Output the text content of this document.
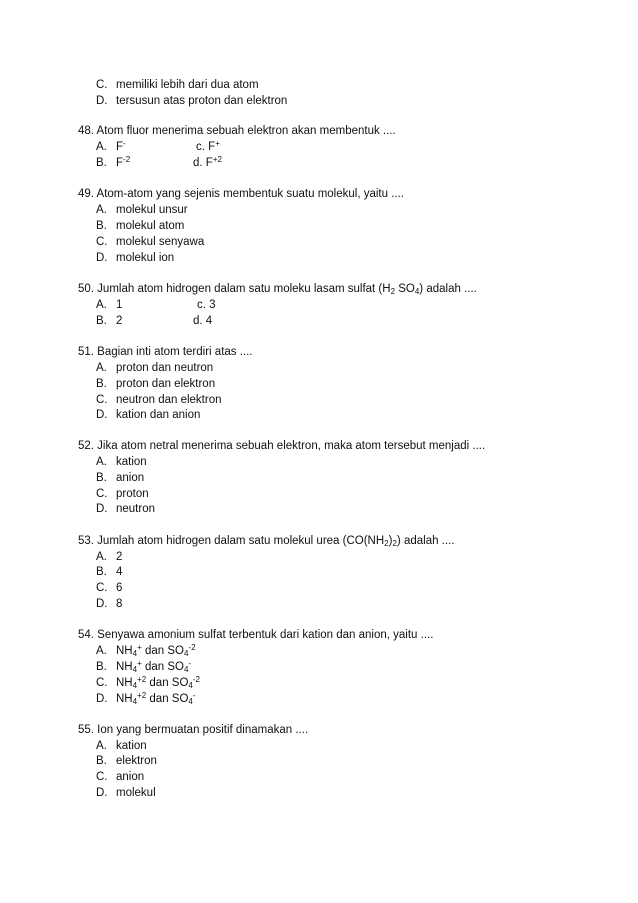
C. memiliki lebih dari dua atom
D. tersusun atas proton dan elektron
48. Atom fluor menerima sebuah elektron akan membentuk ....
A. F-	c. F+
B. $F^{-2}$	d. $F^{+2}$
49. Atom-atom yang sejenis membentuk suatu molekul, yaitu ....
A. molekul unsur
B. molekul atom
C. molekul senyawa
D. molekul ion
50. Jumlah atom hidrogen dalam satu moleku lasam sulfat ($H_2$ $SO_4$) adalah ....
A. 1	c. 3
B. 2	d. 4
51. Bagian inti atom terdiri atas ....
A. proton dan neutron
B. proton dan elektron
C. neutron dan elektron
D. kation dan anion
52. Jika atom netral menerima sebuah elektron, maka atom tersebut menjadi ....
A. kation
B. anion
C. proton
D. neutron
53. Jumlah atom hidrogen dalam satu molekul urea $(CO(NH_2)_2)$ adalah ....
A. 2
B. 4
C. 6
D. 8
54. Senyawa amonium sulfat terbentuk dari kation dan anion, yaitu ....
A. $NH_4^+$ dan $SO_4^{-2}$
B. $NH_4^+$ dan $SO_4^-$
C. $NH_4^{+2}$ dan $SO_4^{-2}$
D. $NH_4^{+2}$ dan $SO_4^-$
55. Ion yang bermuatan positif dinamakan ....
A. kation
B. elektron
C. anion
D. molekul
